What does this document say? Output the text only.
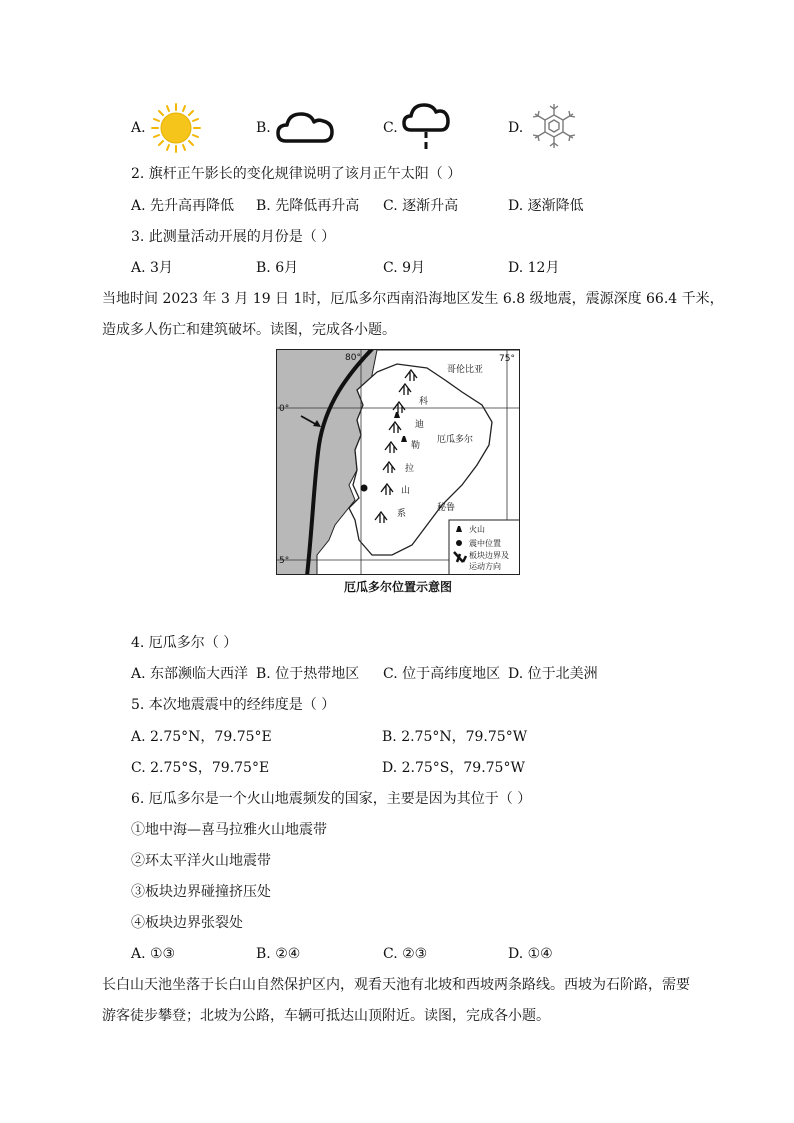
A.	B.	C.	D.
2. 旗杆正午影长的变化规律说明了该月正午太阳（ ）
A. 先升高再降低 B. 先降低再升高 C. 逐渐升高	D. 逐渐降低
3. 此测量活动开展的月份是（ ）
A. 3月	B. 6月	C. 9月	D. 12月
当地时间 2023 年 3 月 19 日 1时，厄瓜多尔西南沿海地区发生 6.8 级地震，震源深度 66.4 千米，
造成多人伤亡和建筑破坏。读图，完成各小题。
80°	75°
0°
5°
哥伦比亚
厄瓜多尔
秘鲁
科
迪
勒
拉
山
系
火山
震中位置
板块边界及
运动方向
厄瓜多尔位置示意图
4. 厄瓜多尔（ ）
A. 东部濒临大西洋 B. 位于热带地区 C. 位于高纬度地区 D. 位于北美洲
5. 本次地震震中的经纬度是（ ）
A. 2.75°N，79.75°E	B. 2.75°N，79.75°W
C. 2.75°S，79.75°E	D. 2.75°S，79.75°W
6. 厄瓜多尔是一个火山地震频发的国家，主要是因为其位于（ ）
①地中海—喜马拉雅火山地震带
②环太平洋火山地震带
③板块边界碰撞挤压处
④板块边界张裂处
A. ①③	B. ②④	C. ②③	D. ①④
长白山天池坐落于长白山自然保护区内，观看天池有北坡和西坡两条路线。西坡为石阶路，需要
游客徒步攀登；北坡为公路，车辆可抵达山顶附近。读图，完成各小题。
